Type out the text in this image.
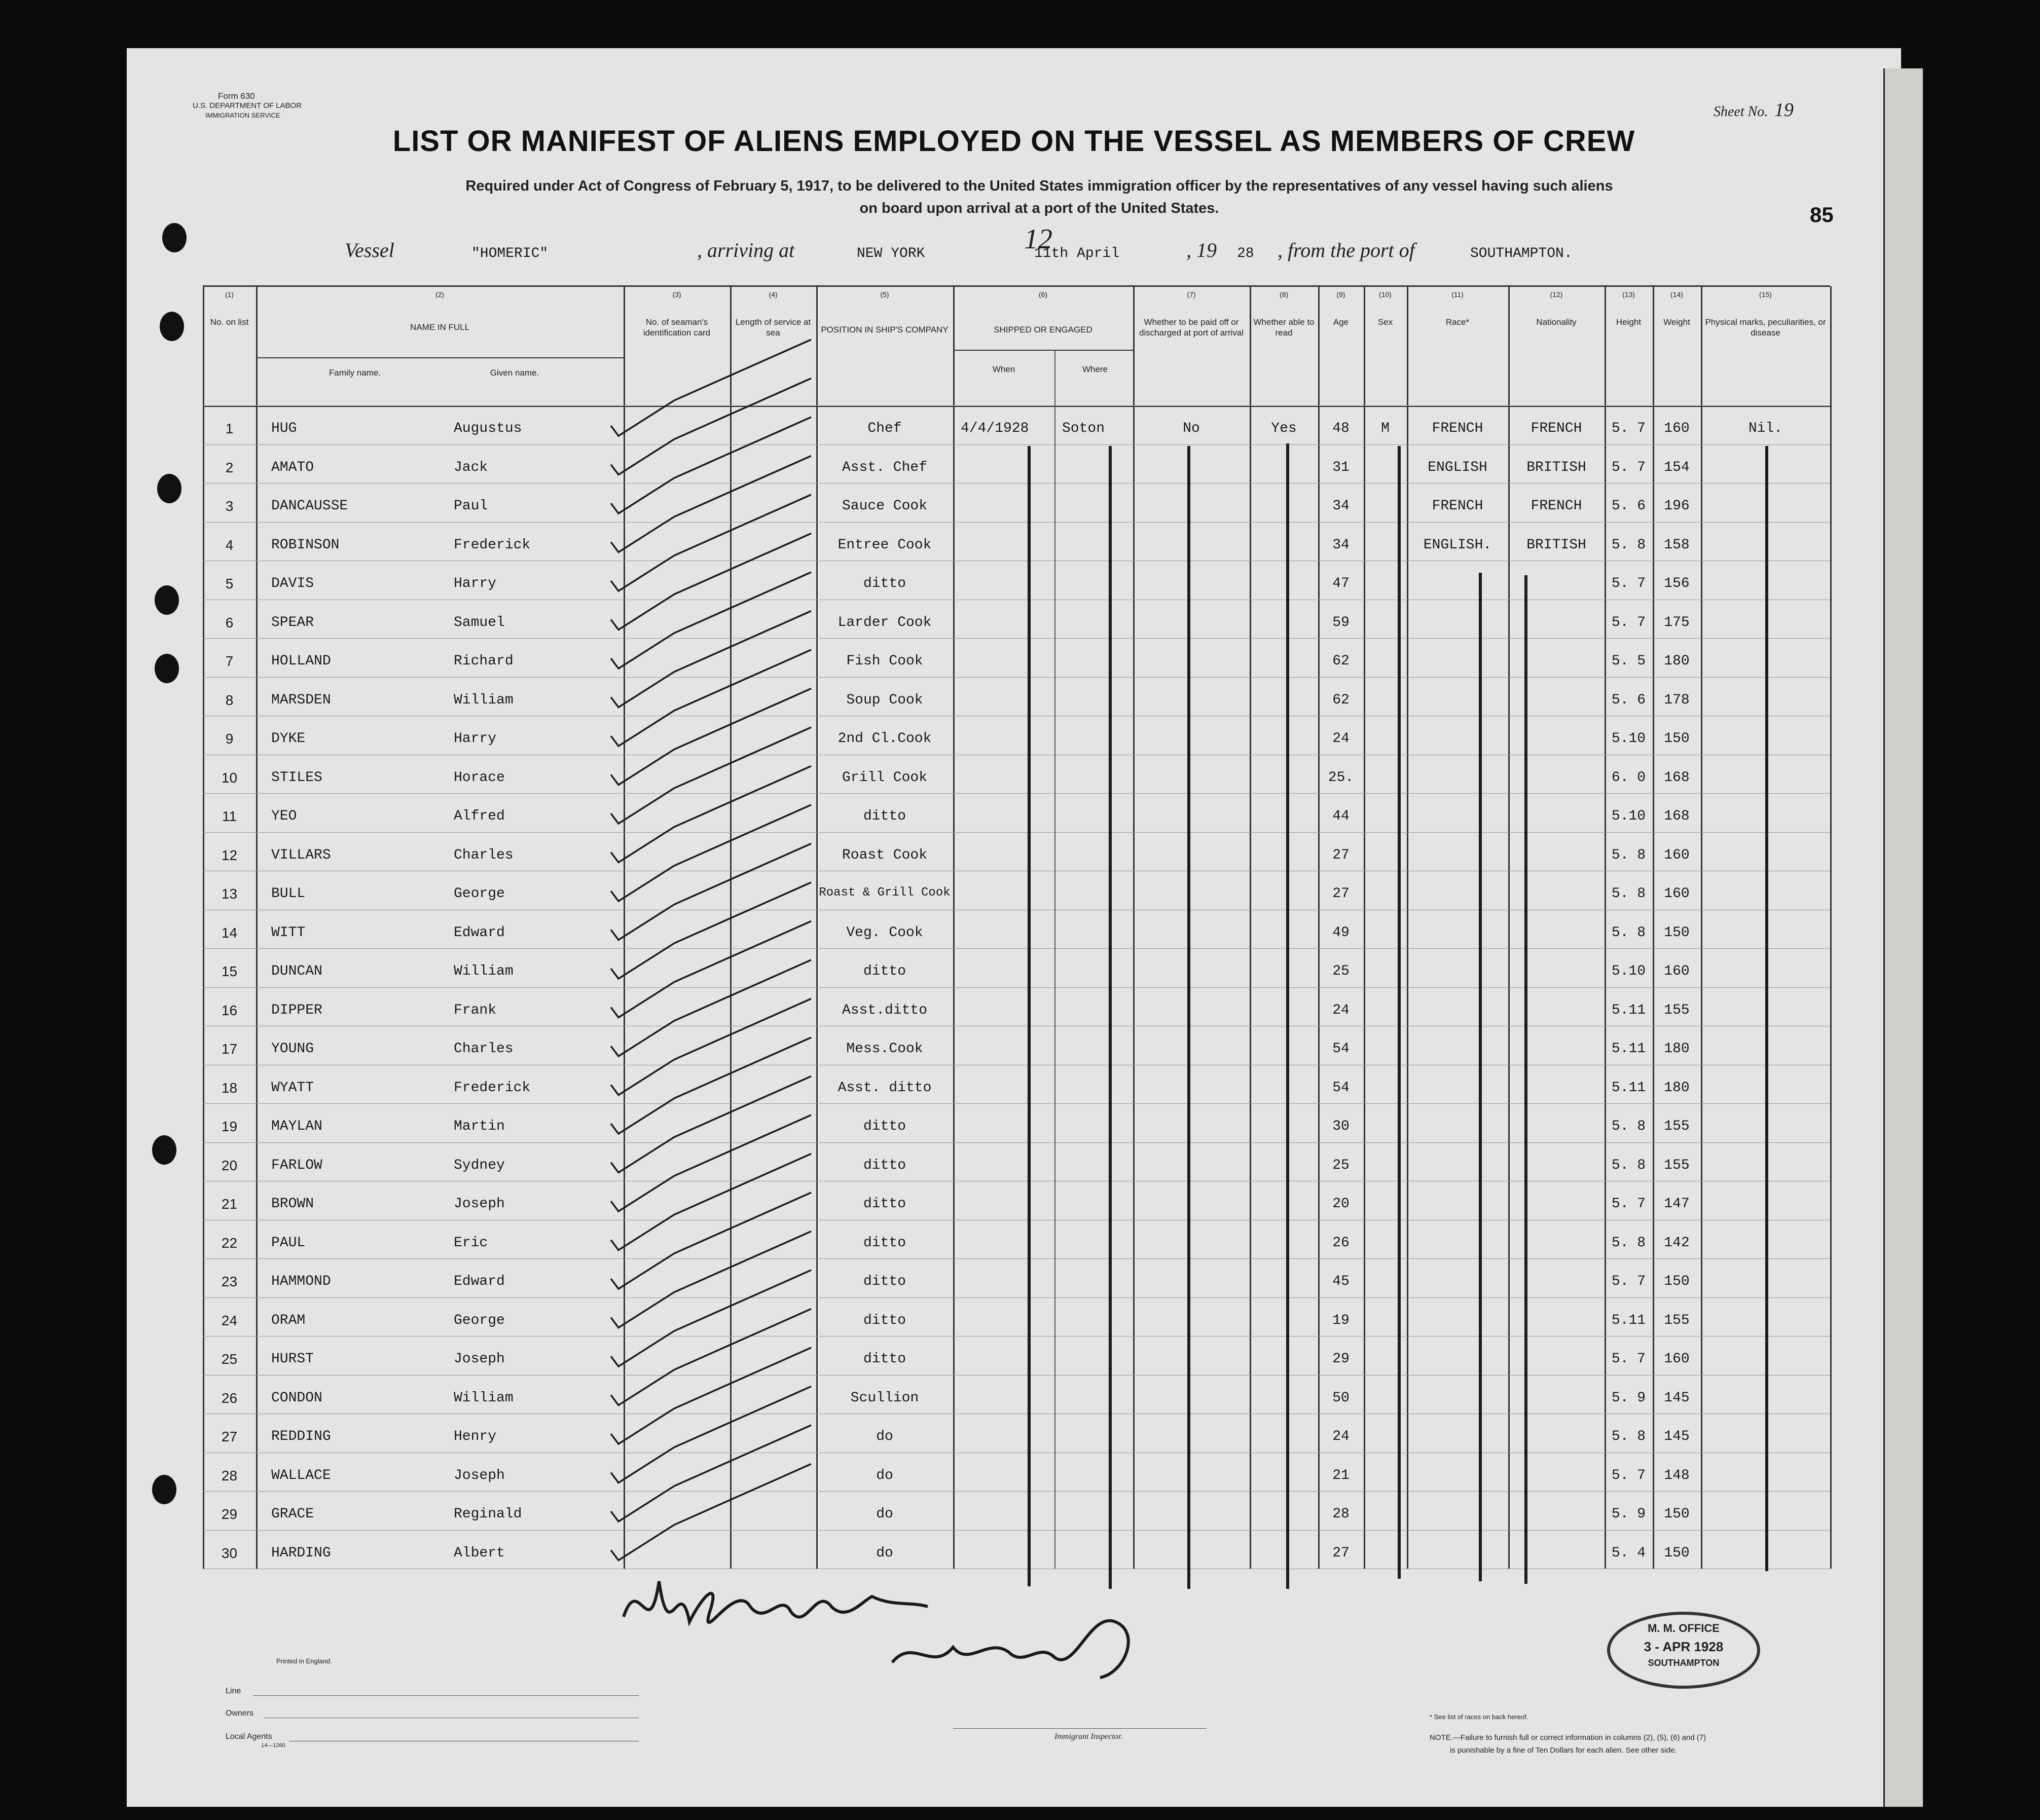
Form 630
U.S. DEPARTMENT OF LABOR
IMMIGRATION SERVICE	Sheet No. 19
LIST OR MANIFEST OF ALIENS EMPLOYED ON THE VESSEL AS MEMBERS OF CREW
Required under Act of Congress of February 5, 1917, to be delivered to the United States immigration officer by the representatives of any vessel having such aliens
on board upon arrival at a port of the United States.	85
Vessel	"HOMERIC"	, arriving at	NEW YORK	12
11th April	, 19 28 , from the port of	SOUTHAMPTON.
(1)
No. on list
(2)
NAME IN FULL
(3)
No. of seaman's identification card
(4)
Length of service at sea
(5)
POSITION IN SHIP'S COMPANY
(6)
SHIPPED OR ENGAGED
(7)
Whether to be paid off or discharged at port of arrival
(8)
Whether able to read
(9)
Age
(10)
Sex
(11)
Race*
(12)
Nationality
(13)
Height
(14)
Weight
(15)
Physical marks, peculiarities, or disease
Family name.	Given name.	When	Where
1	HUG	Augustus	Chef	4/4/1928 Soton	No	Yes	48	M	FRENCH	FRENCH	5. 7	160	Nil.
2	AMATO	Jack	Asst. Chef	31	ENGLISH	BRITISH	5. 7	154
3	DANCAUSSE	Paul	Sauce Cook	34	FRENCH	FRENCH	5. 6	196
4	ROBINSON	Frederick	Entree Cook	34	ENGLISH.	BRITISH	5. 8	158
5	DAVIS	Harry	ditto	47	5. 7	156
6	SPEAR	Samuel	Larder Cook	59	5. 7	175
7	HOLLAND	Richard	Fish Cook	62	5. 5	180
8	MARSDEN	William	Soup Cook	62	5. 6	178
9	DYKE	Harry	2nd Cl.Cook	24	5.10	150
10	STILES	Horace	Grill Cook	25.	6. 0	168
11	YEO	Alfred	ditto	44	5.10	168
12	VILLARS	Charles	Roast Cook	27	5. 8	160
13	BULL	George	Roast & Grill Cook	27	5. 8	160
14	WITT	Edward	Veg. Cook	49	5. 8	150
15	DUNCAN	William	ditto	25	5.10	160
16	DIPPER	Frank	Asst.ditto	24	5.11	155
17	YOUNG	Charles	Mess.Cook	54	5.11	180
18	WYATT	Frederick	Asst. ditto	54	5.11	180
19	MAYLAN	Martin	ditto	30	5. 8	155
20	FARLOW	Sydney	ditto	25	5. 8	155
21	BROWN	Joseph	ditto	20	5. 7	147
22	PAUL	Eric	ditto	26	5. 8	142
23	HAMMOND	Edward	ditto	45	5. 7	150
24	ORAM	George	ditto	19	5.11	155
25	HURST	Joseph	ditto	29	5. 7	160
26	CONDON	William	Scullion	50	5. 9	145
27	REDDING	Henry	do	24	5. 8	145
28	WALLACE	Joseph	do	21	5. 7	148
29	GRACE	Reginald	do	28	5. 9	150
30	HARDING	Albert	do	27	5. 4	150
Printed in England.
Line
Owners
Local Agents
14—1260
Immigrant Inspector.
* See list of races on back hereof.
NOTE.—Failure to furnish full or correct information in columns (2), (5), (6) and (7)
is punishable by a fine of Ten Dollars for each alien. See other side.
M. M. OFFICE
3 - APR 1928
SOUTHAMPTON
